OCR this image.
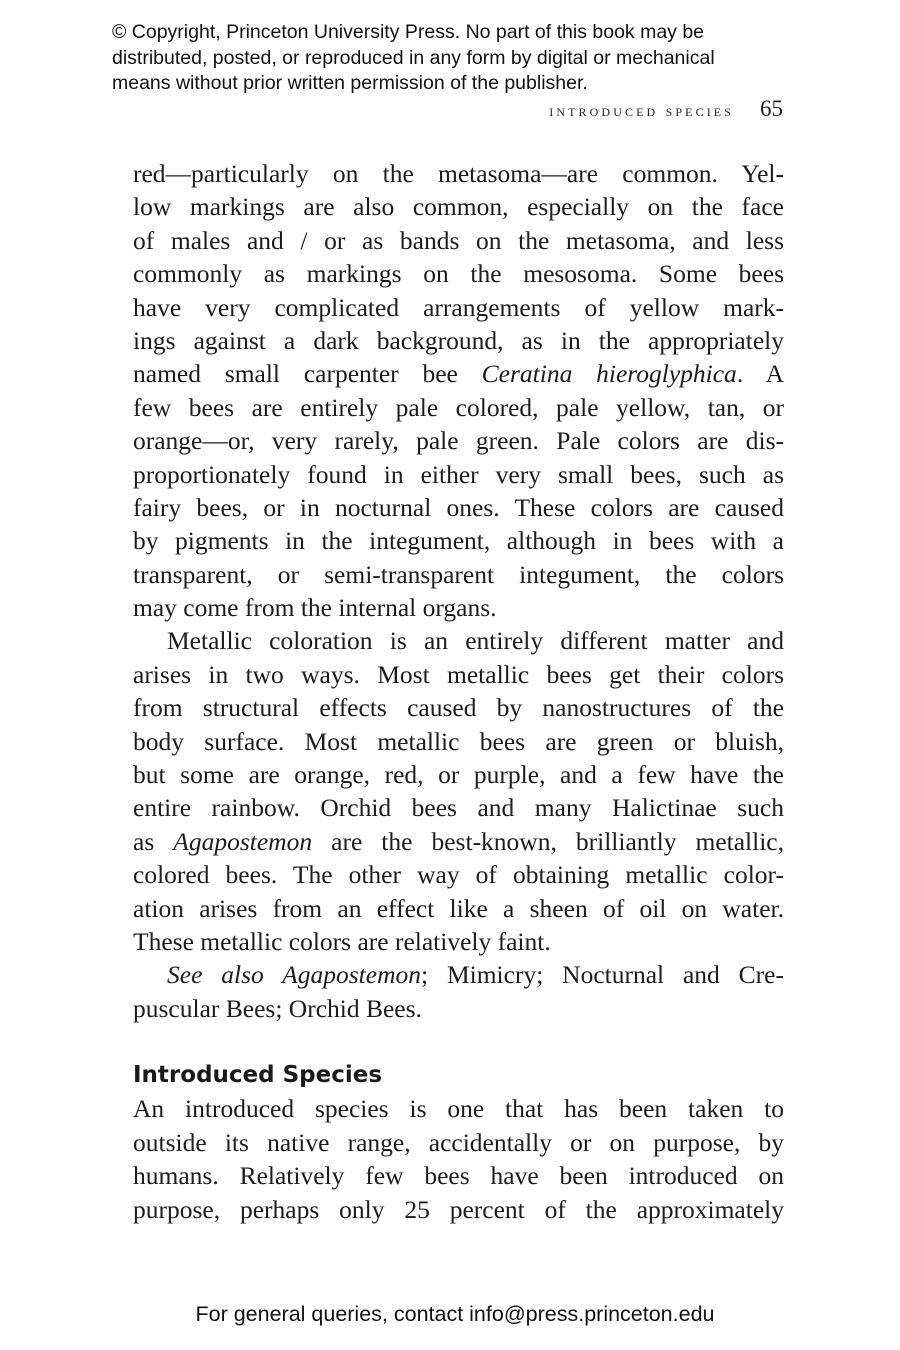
© Copyright, Princeton University Press. No part of this book may be
distributed, posted, or reproduced in any form by digital or mechanical
means without prior written permission of the publisher.
introduced species 65
red—particularly on the metasoma—are common. Yel-
low markings are also common, especially on the face
of males and / or as bands on the metasoma, and less
commonly as markings on the mesosoma. Some bees
have very complicated arrangements of yellow mark-
ings against a dark background, as in the appropriately
named small carpenter bee Ceratina hieroglyphica. A
few bees are entirely pale colored, pale yellow, tan, or
orange—or, very rarely, pale green. Pale colors are dis-
proportionately found in either very small bees, such as
fairy bees, or in nocturnal ones. These colors are caused
by pigments in the integument, although in bees with a
transparent, or semi-transparent integument, the colors
may come from the internal organs.
Metallic coloration is an entirely different matter and
arises in two ways. Most metallic bees get their colors
from structural effects caused by nanostructures of the
body surface. Most metallic bees are green or bluish,
but some are orange, red, or purple, and a few have the
entire rainbow. Orchid bees and many Halictinae such
as Agapostemon are the best-known, brilliantly metallic,
colored bees. The other way of obtaining metallic color-
ation arises from an effect like a sheen of oil on water.
These metallic colors are relatively faint.
See also Agapostemon; Mimicry; Nocturnal and Cre-
puscular Bees; Orchid Bees.
Introduced Species
An introduced species is one that has been taken to
outside its native range, accidentally or on purpose, by
humans. Relatively few bees have been introduced on
purpose, perhaps only 25 percent of the approximately
For general queries, contact info@press.princeton.edu
